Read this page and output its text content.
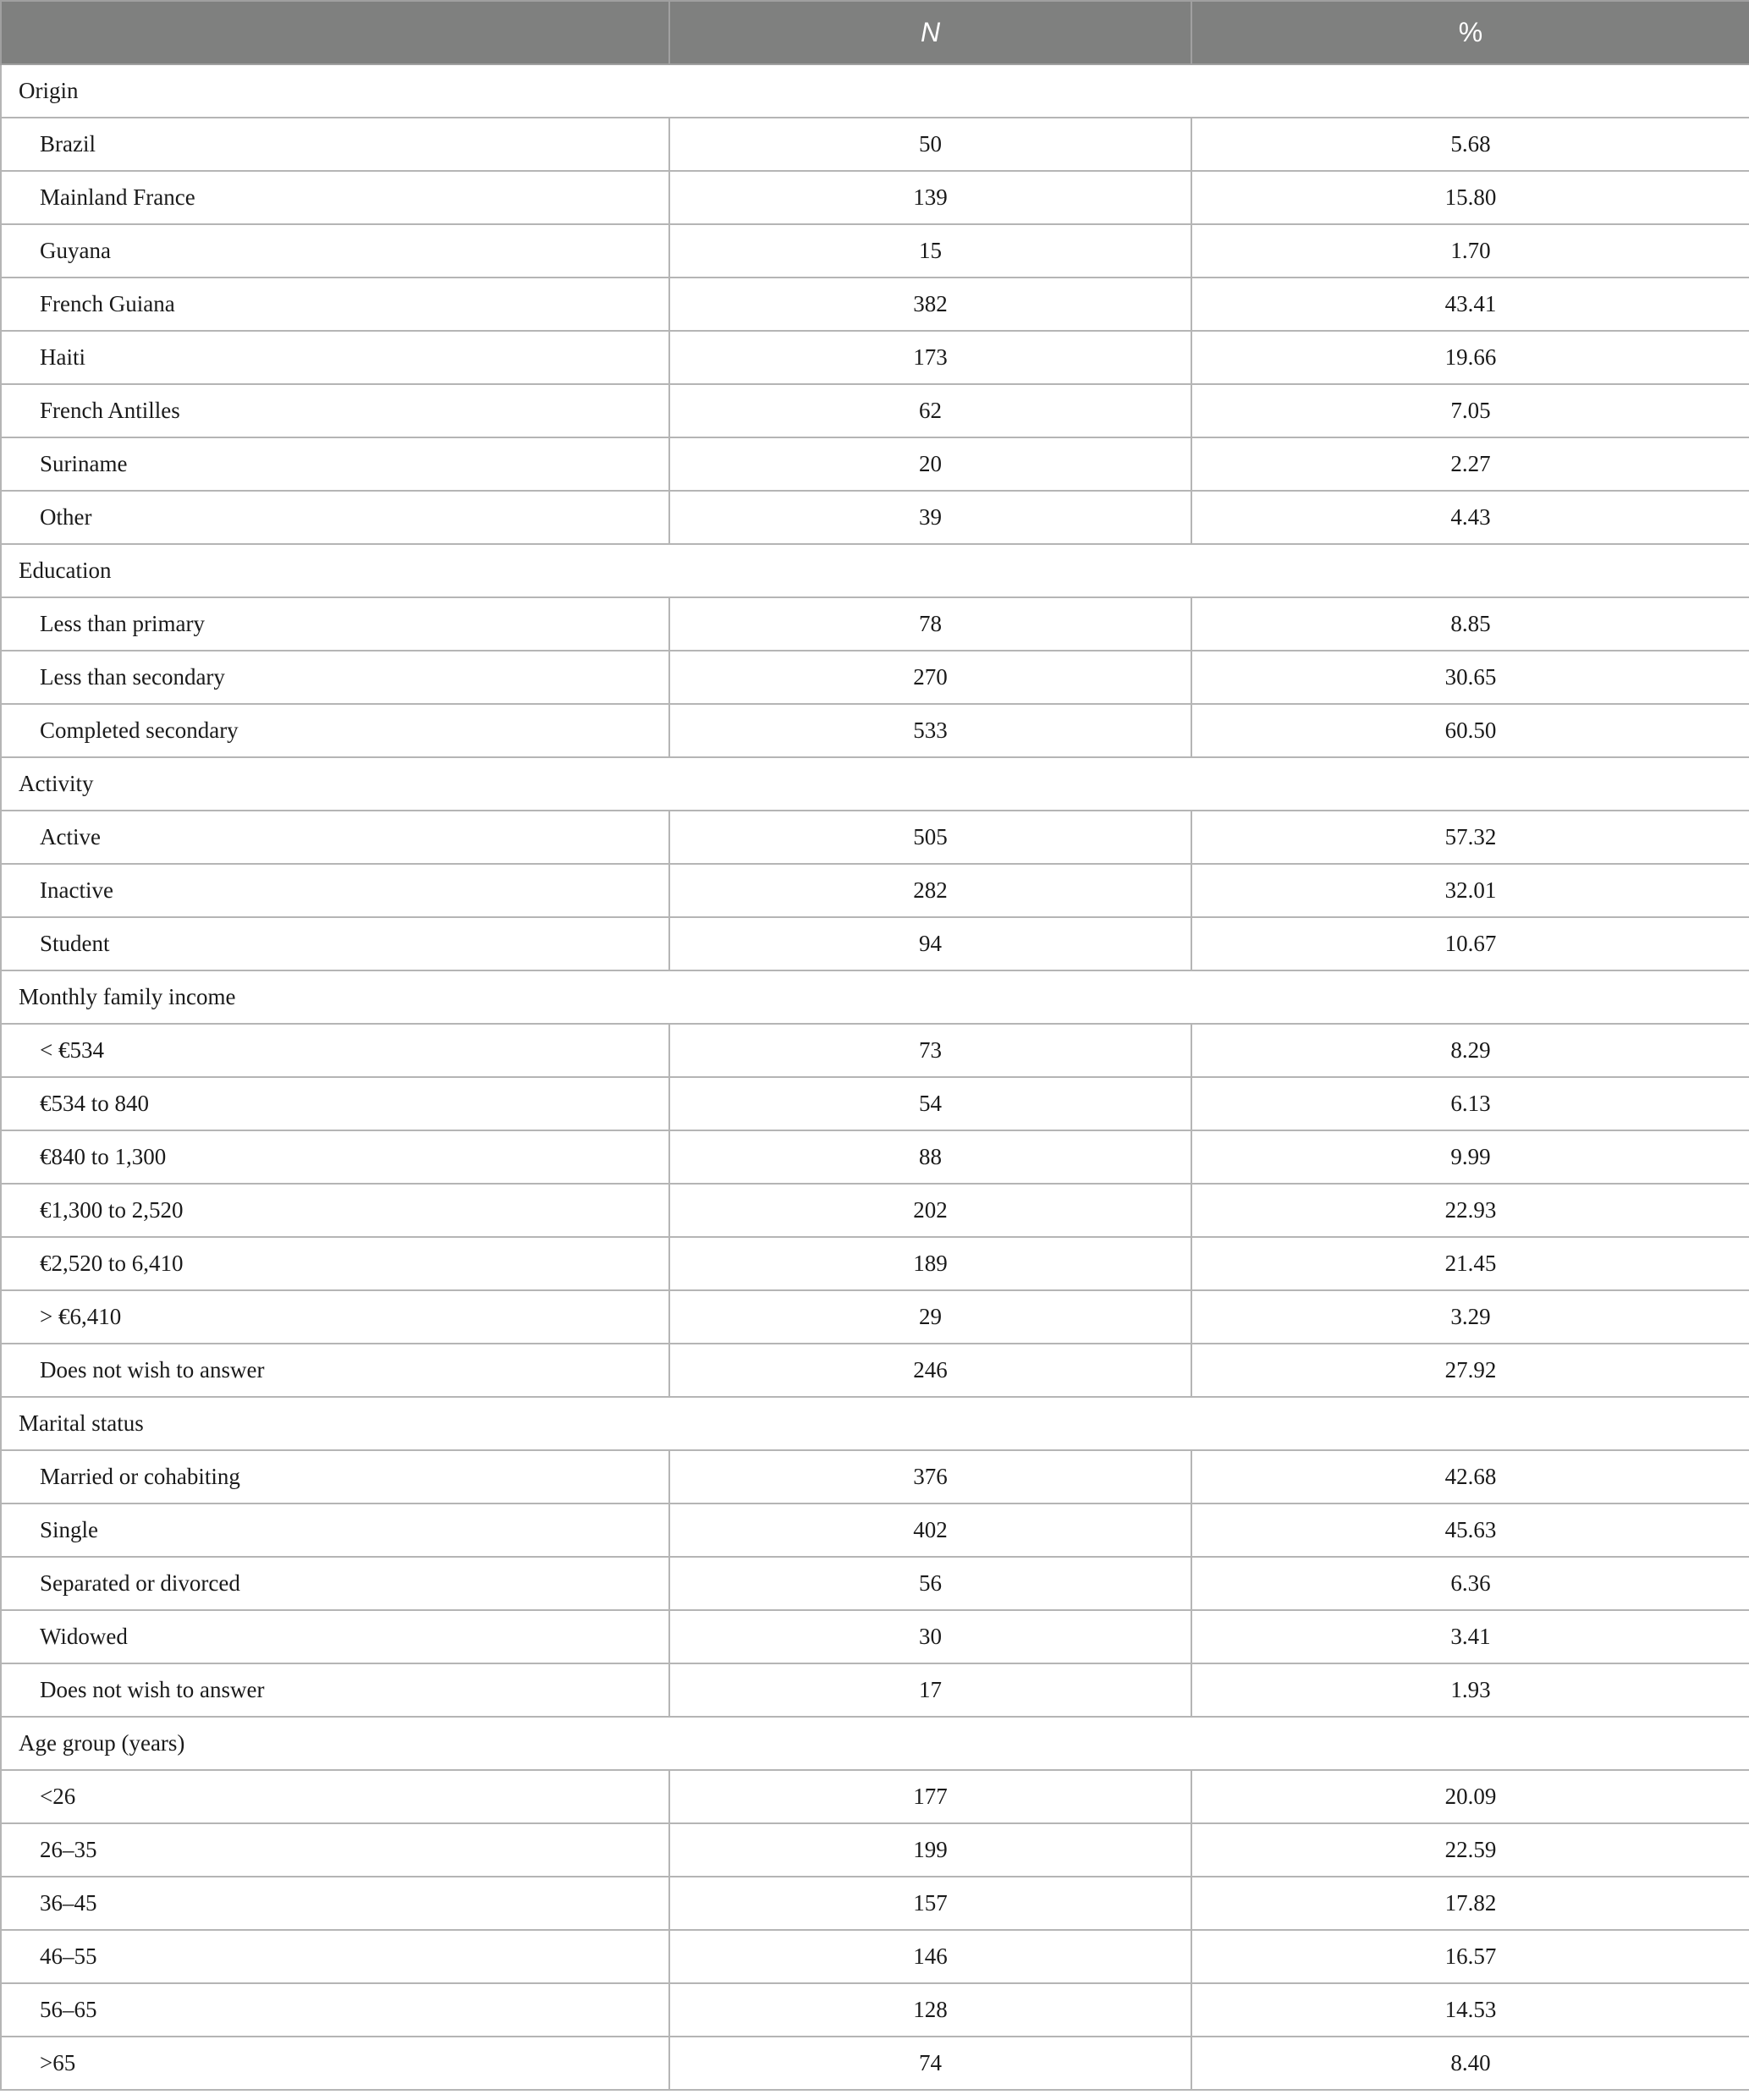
	N	%
Origin		
Brazil	50	5.68
Mainland France	139	15.80
Guyana	15	1.70
French Guiana	382	43.41
Haiti	173	19.66
French Antilles	62	7.05
Suriname	20	2.27
Other	39	4.43
Education		
Less than primary	78	8.85
Less than secondary	270	30.65
Completed secondary	533	60.50
Activity		
Active	505	57.32
Inactive	282	32.01
Student	94	10.67
Monthly family income		
< €534	73	8.29
€534 to 840	54	6.13
€840 to 1,300	88	9.99
€1,300 to 2,520	202	22.93
€2,520 to 6,410	189	21.45
> €6,410	29	3.29
Does not wish to answer	246	27.92
Marital status		
Married or cohabiting	376	42.68
Single	402	45.63
Separated or divorced	56	6.36
Widowed	30	3.41
Does not wish to answer	17	1.93
Age group (years)		
<26	177	20.09
26–35	199	22.59
36–45	157	17.82
46–55	146	16.57
56–65	128	14.53
>65	74	8.40
